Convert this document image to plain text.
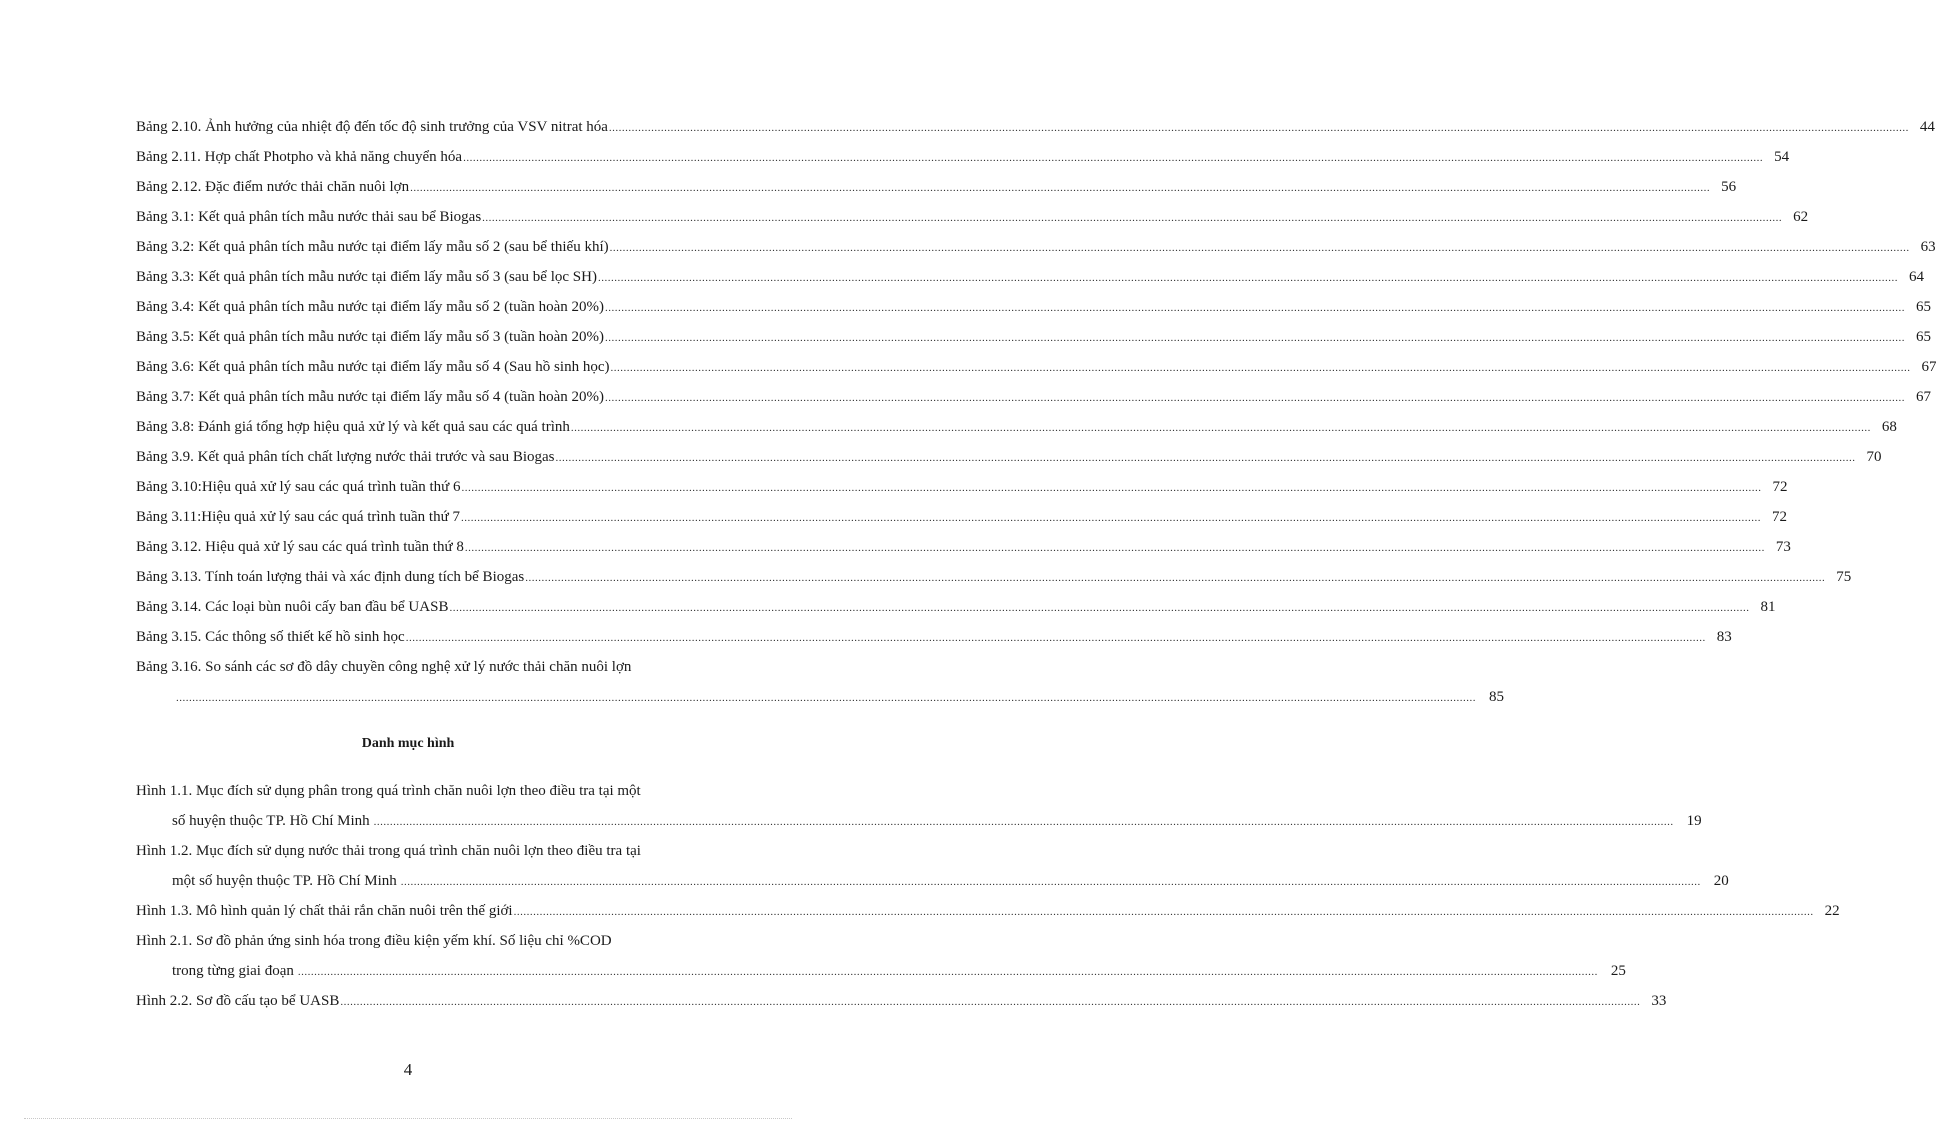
Bảng 2.10. Ảnh hưởng của nhiệt độ đến tốc độ sinh trưởng của VSV nitrat hóa ................................................................................................................................................................................................................................................................................................................................................................................................................ 44
Bảng 2.11. Hợp chất Photpho và khả năng chuyển hóa ................................................................................................................................................................................................................................................................................................................................................................................................................ 54
Bảng 2.12. Đặc điểm nước thải chăn nuôi lợn ................................................................................................................................................................................................................................................................................................................................................................................................................ 56
Bảng 3.1: Kết quả phân tích mẫu nước thải sau bể Biogas ................................................................................................................................................................................................................................................................................................................................................................................................................ 62
Bảng 3.2: Kết quả phân tích mẫu nước tại điểm lấy mẫu số 2 (sau bể thiếu khí) ................................................................................................................................................................................................................................................................................................................................................................................................................ 63
Bảng 3.3: Kết quả phân tích mẫu nước tại điểm lấy mẫu số 3 (sau bể lọc SH) ................................................................................................................................................................................................................................................................................................................................................................................................................ 64
Bảng 3.4: Kết quả phân tích mẫu nước tại điểm lấy mẫu số 2 (tuần hoàn 20%) ................................................................................................................................................................................................................................................................................................................................................................................................................ 65
Bảng 3.5: Kết quả phân tích mẫu nước tại điểm lấy mẫu số 3 (tuần hoàn 20%) ................................................................................................................................................................................................................................................................................................................................................................................................................ 65
Bảng 3.6: Kết quả phân tích mẫu nước tại điểm lấy mẫu số 4 (Sau hồ sinh học) ................................................................................................................................................................................................................................................................................................................................................................................................................ 67
Bảng 3.7: Kết quả phân tích mẫu nước tại điểm lấy mẫu số 4 (tuần hoàn 20%) ................................................................................................................................................................................................................................................................................................................................................................................................................ 67
Bảng 3.8: Đánh giá tổng hợp hiệu quả xử lý và kết quả sau các quá trình ................................................................................................................................................................................................................................................................................................................................................................................................................ 68
Bảng 3.9. Kết quả phân tích chất lượng nước thải trước và sau Biogas ................................................................................................................................................................................................................................................................................................................................................................................................................ 70
Bảng 3.10:Hiệu quả xử lý sau các quá trình tuần thứ 6 ................................................................................................................................................................................................................................................................................................................................................................................................................ 72
Bảng 3.11:Hiệu quả xử lý sau các quá trình tuần thứ 7 ................................................................................................................................................................................................................................................................................................................................................................................................................ 72
Bảng 3.12. Hiệu quả xử lý sau các quá trình tuần thứ 8 ................................................................................................................................................................................................................................................................................................................................................................................................................ 73
Bảng 3.13. Tính toán lượng thải và xác định dung tích bể Biogas ................................................................................................................................................................................................................................................................................................................................................................................................................ 75
Bảng 3.14. Các loại bùn nuôi cấy ban đầu bể UASB ................................................................................................................................................................................................................................................................................................................................................................................................................ 81
Bảng 3.15. Các thông số thiết kế hồ sinh học ................................................................................................................................................................................................................................................................................................................................................................................................................ 83
Bảng 3.16. So sánh các sơ đồ dây chuyền công nghệ xử lý nước thải chăn nuôi lợn
................................................................................................................................................................................................................................................................................................................................................................................................................ 85
Danh mục hình
Hình 1.1. Mục đích sử dụng phân trong quá trình chăn nuôi lợn theo điều tra tại một
số huyện thuộc TP. Hồ Chí Minh ................................................................................................................................................................................................................................................................................................................................................................................................................ 19
Hình 1.2. Mục đích sử dụng nước thải trong quá trình chăn nuôi lợn theo điều tra tại
một số huyện thuộc TP. Hồ Chí Minh ................................................................................................................................................................................................................................................................................................................................................................................................................ 20
Hình 1.3. Mô hình quản lý chất thải rắn chăn nuôi trên thế giới ................................................................................................................................................................................................................................................................................................................................................................................................................ 22
Hình 2.1. Sơ đồ phản ứng sinh hóa trong điều kiện yếm khí. Số liệu chỉ %COD
trong từng giai đoạn ................................................................................................................................................................................................................................................................................................................................................................................................................ 25
Hình 2.2. Sơ đồ cấu tạo bể UASB ................................................................................................................................................................................................................................................................................................................................................................................................................ 33
4
